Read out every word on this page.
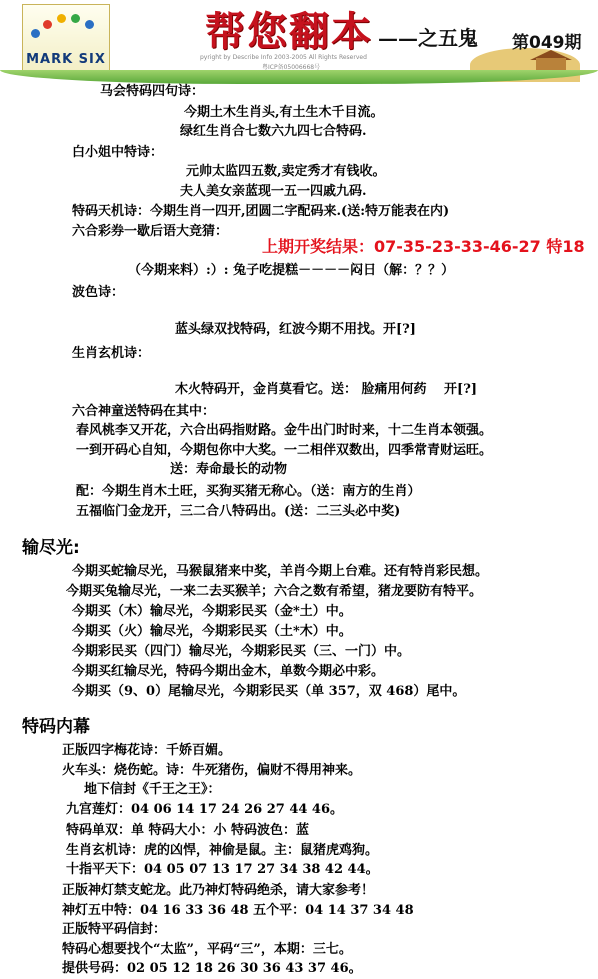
MARK SIX
帮您翻本 ——之五鬼 第049期
pyright by Describe Info 2003-2005 All Rights Reserved
粤ICP备05006668号
马会特码四句诗：
今期土木生肖头,有土生木千目流。
绿红生肖合七数六九四七合特码.
白小姐中特诗：
元帅太监四五数,卖定秀才有钱收。
夫人美女亲蓝现一五一四戚九码.
特码天机诗：今期生肖一四开,团圆二字配码来.(送:特万能表在内)
六合彩券一歇后语大竞猜：
上期开奖结果：07-35-23-33-46-27 特18
（今期来料）:）: 兔子吃提糕－－－－闷日（解：？？）
波色诗：
蓝头绿双找特码，红波今期不用找。开[?]
生肖玄机诗：
木火特码开，金肖莫看它。送： 脸痛用何药　 开[?]
六合神童送特码在其中：
春风桃李又开花，六合出码指财路。金牛出门时时来，十二生肖本领强。
一到开码心自知，今期包你中大奖。一二相伴双数出，四季常青财运旺。
送：寿命最长的动物
配：今期生肖木土旺，买狗买猪无称心。（送：南方的生肖）
五福临门金龙开，三二合八特码出。(送：二三头必中奖)
输尽光:
今期买蛇输尽光，马猴鼠猪来中奖，羊肖今期上台难。还有特肖彩民想。
今期买兔输尽光，一来二去买猴羊；六合之数有希望，猪龙要防有特平。
今期买（木）输尽光，今期彩民买（金*土）中。
今期买（火）输尽光，今期彩民买（土*木）中。
今期彩民买（四门）输尽光，今期彩民买（三、一门）中。
今期买红输尽光，特码今期出金木，单数今期必中彩。
今期买（9、0）尾输尽光，今期彩民买（单 357，双 468）尾中。
特码内幕
正版四字梅花诗：千娇百媚。
火车头：烧伤蛇。诗：牛死猪伤，偏财不得用神来。
地下信封《千王之王》：
九宫莲灯：04 06 14 17 24 26 27 44 46。
特码单双：单 特码大小：小 特码波色：蓝
生肖玄机诗：虎的凶悍，神偷是鼠。主：鼠猪虎鸡狗。
十指平天下：04 05 07 13 17 27 34 38 42 44。
正版神灯禁支蛇龙。此乃神灯特码绝杀，请大家参考！
神灯五中特：04 16 33 36 48 五个平：04 14 37 34 48
正版特平码信封：
特码心想要找个“太监”，平码“三”，本期：三七。
提供号码：02 05 12 18 26 30 36 43 37 46。
